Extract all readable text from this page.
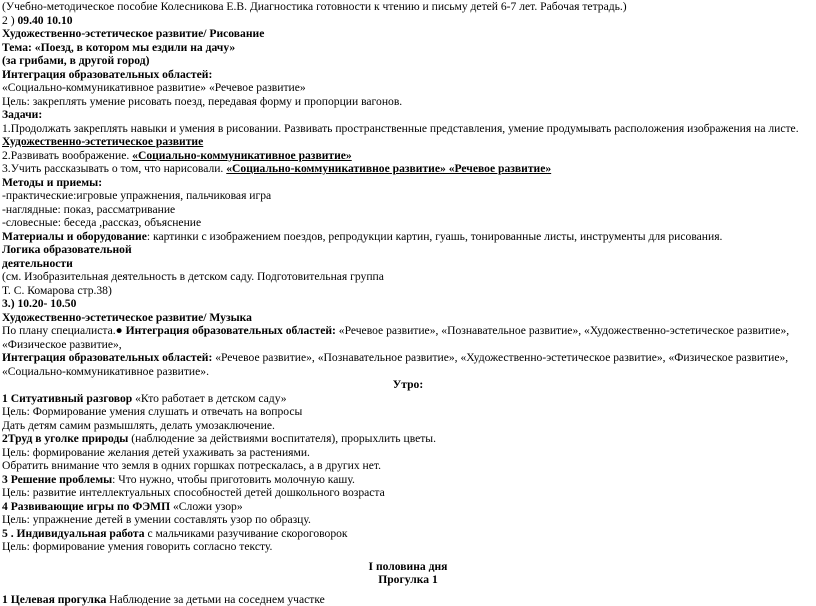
(Учебно-методическое пособие Колесникова Е.В. Диагностика готовности к чтению и письму детей 6-7 лет. Рабочая тетрадь.)
2 ) 09.40 10.10
Художественно-эстетическое развитие/ Рисование
Тема: «Поезд, в котором мы ездили на дачу»
(за грибами, в другой город)
Интеграция образовательных областей:
«Социально-коммуникативное развитие» «Речевое развитие»
Цель: закреплять умение рисовать поезд, передавая форму и пропорции вагонов.
Задачи:
1.Продолжать закреплять навыки и умения в рисовании. Развивать пространственные представления, умение продумывать расположения изображения на листе. Художественно-эстетическое развитие
2.Развивать воображение. «Социально-коммуникативное развитие»
3.Учить рассказывать о том, что нарисовали. «Социально-коммуникативное развитие» «Речевое развитие»
Методы и приемы:
-практические:игровые упражнения, пальчиковая игра
-наглядные: показ, рассматривание
-словесные: беседа ,рассказ, объяснение
Материалы и оборудование: картинки с изображением поездов, репродукции картин, гуашь, тонированные листы, инструменты для рисования.
Логика образовательной
деятельности
(см. Изобразительная деятельность в детском саду. Подготовительная группа
Т. С. Комарова стр.38)
3.) 10.20- 10.50
Художественно-эстетическое развитие/ Музыка
По плану специалиста.● Интеграция образовательных областей: «Речевое развитие», «Познавательное развитие», «Художественно-эстетическое развитие», «Физическое развитие»,
Интеграция образовательных областей: «Речевое развитие», «Познавательное развитие», «Художественно-эстетическое развитие», «Физическое развитие»,
«Социально-коммуникативное развитие».
Утро:
1 Ситуативный разговор «Кто работает в детском саду»
Цель: Формирование умения слушать и отвечать на вопросы
Дать детям самим размышлять, делать умозаключение.
2Труд в уголке природы (наблюдение за действиями воспитателя), прорыхлить цветы.
Цель: формирование желания детей ухаживать за растениями.
Обратить внимание что земля в одних горшках потрескалась, а в других нет.
3 Решение проблемы: Что нужно, чтобы приготовить молочную кашу.
Цель: развитие интеллектуальных способностей детей дошкольного возраста
4 Развивающие игры по ФЭМП «Сложи узор»
Цель: упражнение детей в умении составлять узор по образцу.
5 . Индивидуальная работа с мальчиками разучивание скороговорок
Цель: формирование умения говорить согласно тексту.
I половина дня
Прогулка 1
1 Целевая прогулка Наблюдение за детьми на соседнем участке
